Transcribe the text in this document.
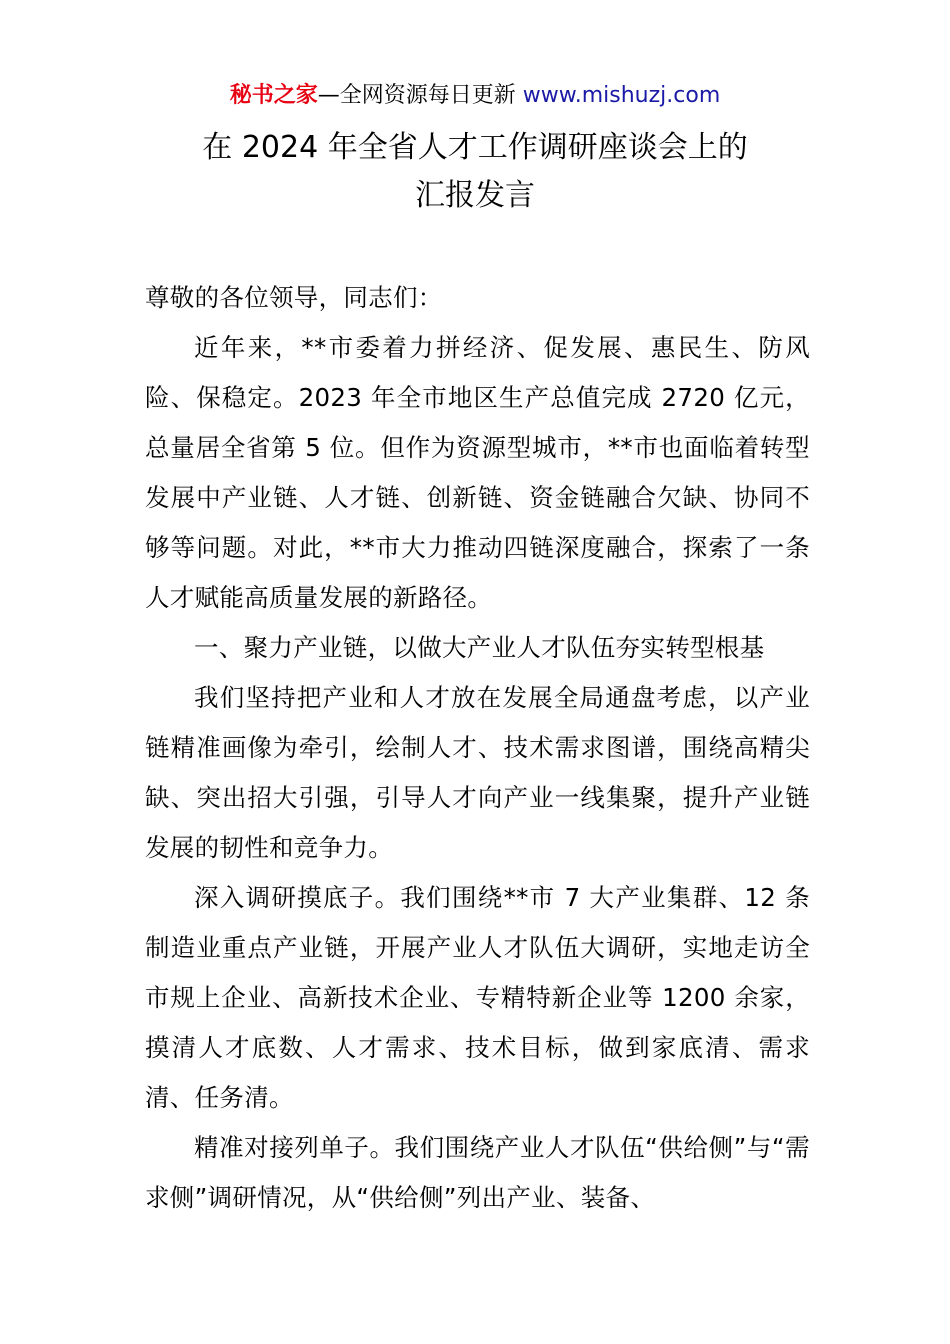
秘书之家—全网资源每日更新 www.mishuzj.com
在 2024 年全省人才工作调研座谈会上的
汇报发言

尊敬的各位领导，同志们：

近年来，**市委着力拼经济、促发展、惠民生、防风险、保稳定。2023 年全市地区生产总值完成 2720 亿元，总量居全省第 5 位。但作为资源型城市，**市也面临着转型发展中产业链、人才链、创新链、资金链融合欠缺、协同不够等问题。对此，**市大力推动四链深度融合，探索了一条人才赋能高质量发展的新路径。

一、聚力产业链，以做大产业人才队伍夯实转型根基

我们坚持把产业和人才放在发展全局通盘考虑，以产业链精准画像为牵引，绘制人才、技术需求图谱，围绕高精尖缺、突出招大引强，引导人才向产业一线集聚，提升产业链发展的韧性和竞争力。

深入调研摸底子。我们围绕**市 7 大产业集群、12 条制造业重点产业链，开展产业人才队伍大调研，实地走访全市规上企业、高新技术企业、专精特新企业等 1200 余家，摸清人才底数、人才需求、技术目标，做到家底清、需求清、任务清。

精准对接列单子。我们围绕产业人才队伍“供给侧”与“需求侧”调研情况，从“供给侧”列出产业、装备、
